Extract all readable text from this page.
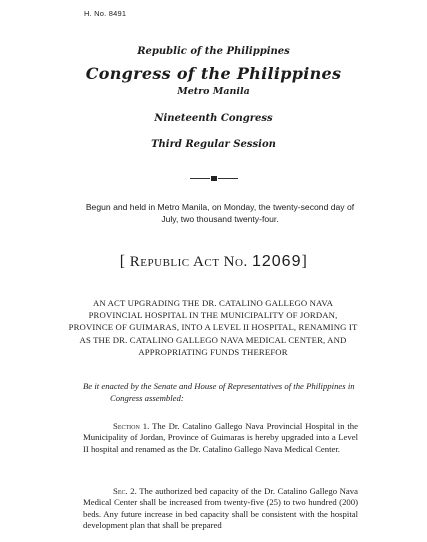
H. No. 8491
Republic of the Philippines
Congress of the Philippines
Metro Manila
Nineteenth Congress
Third Regular Session
Begun and held in Metro Manila, on Monday, the twenty-second day of July, two thousand twenty-four.
[ Republic Act No. 12069]
AN ACT UPGRADING THE DR. CATALINO GALLEGO NAVA PROVINCIAL HOSPITAL IN THE MUNICIPALITY OF JORDAN, PROVINCE OF GUIMARAS, INTO A LEVEL II HOSPITAL, RENAMING IT AS THE DR. CATALINO GALLEGO NAVA MEDICAL CENTER, AND APPROPRIATING FUNDS THEREFOR
Be it enacted by the Senate and House of Representatives of the Philippines in
Congress assembled:
Section 1. The Dr. Catalino Gallego Nava Provincial Hospital in the Municipality of Jordan, Province of Guimaras is hereby upgraded into a Level II hospital and renamed as the Dr. Catalino Gallego Nava Medical Center.
Sec. 2. The authorized bed capacity of the Dr. Catalino Gallego Nava Medical Center shall be increased from twenty-five (25) to two hundred (200) beds. Any future increase in bed capacity shall be consistent with the hospital development plan that shall be prepared
